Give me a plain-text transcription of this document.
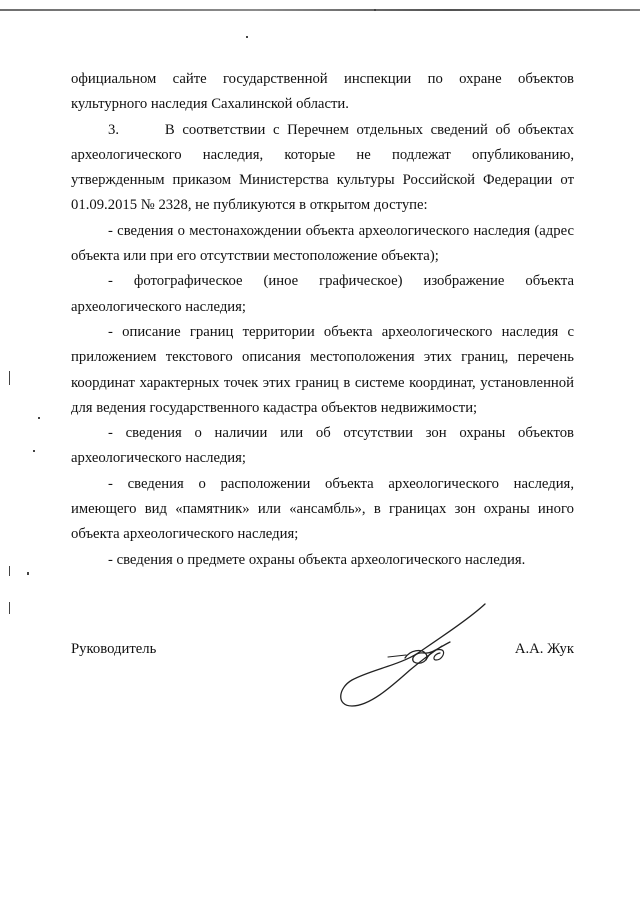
официальном сайте государственной инспекции по охране объектов культурного наследия Сахалинской области.

3.      В соответствии с Перечнем отдельных сведений об объектах археологического наследия, которые не подлежат опубликованию, утвержденным приказом Министерства культуры Российской Федерации от 01.09.2015 № 2328, не публикуются в открытом доступе:

- сведения о местонахождении объекта археологического наследия (адрес объекта или при его отсутствии местоположение объекта);

- фотографическое (иное графическое) изображение объекта археологического наследия;

- описание границ территории объекта археологического наследия с приложением текстового описания местоположения этих границ, перечень координат характерных точек этих границ в системе координат, установленной для ведения государственного кадастра объектов недвижимости;

- сведения о наличии или об отсутствии зон охраны объектов археологического наследия;

- сведения о расположении объекта археологического наследия, имеющего вид «памятник» или «ансамбль», в границах зон охраны иного объекта археологического наследия;

- сведения о предмете охраны объекта археологического наследия.

Руководитель	А.А. Жук
